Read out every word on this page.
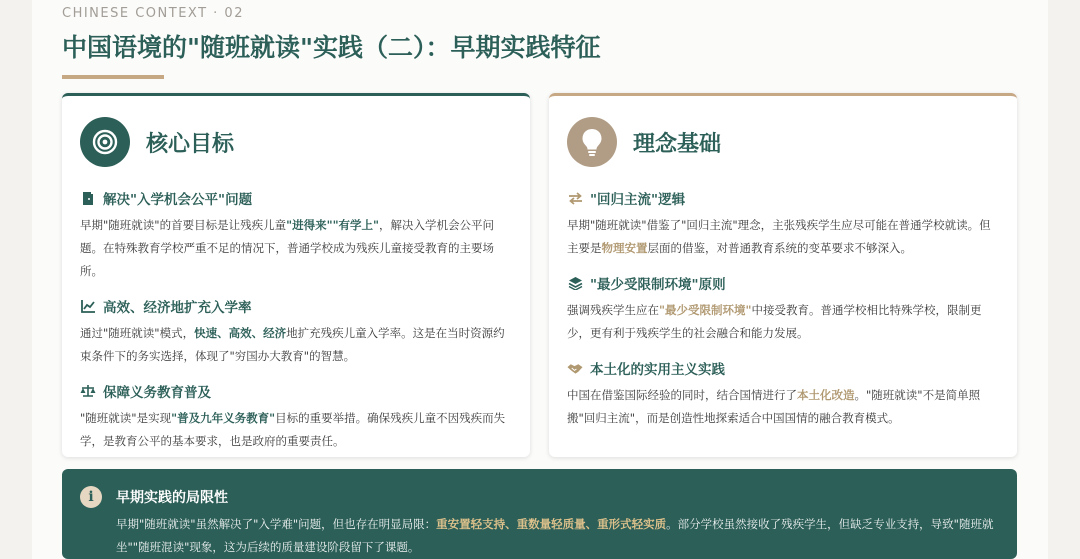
CHINESE CONTEXT · 02
中国语境的"随班就读"实践（二）：早期实践特征
核心目标
解决"入学机会公平"问题

早期"随班就读"的首要目标是让残疾儿童"进得来""有学上"，解决入学机会公平问题。在特殊教育学校严重不足的情况下，普通学校成为残疾儿童接受教育的主要场所。

高效、经济地扩充入学率

通过"随班就读"模式，快速、高效、经济地扩充残疾儿童入学率。这是在当时资源约束条件下的务实选择，体现了"穷国办大教育"的智慧。

保障义务教育普及

"随班就读"是实现"普及九年义务教育"目标的重要举措。确保残疾儿童不因残疾而失学，是教育公平的基本要求，也是政府的重要责任。

理念基础
"回归主流"逻辑

早期"随班就读"借鉴了"回归主流"理念，主张残疾学生应尽可能在普通学校就读。但主要是物理安置层面的借鉴，对普通教育系统的变革要求不够深入。

"最少受限制环境"原则

强调残疾学生应在"最少受限制环境"中接受教育。普通学校相比特殊学校，限制更少，更有利于残疾学生的社会融合和能力发展。

本土化的实用主义实践

中国在借鉴国际经验的同时，结合国情进行了本土化改造。"随班就读"不是简单照搬"回归主流"，而是创造性地探索适合中国国情的融合教育模式。

i	早期实践的局限性

早期"随班就读"虽然解决了"入学难"问题，但也存在明显局限：重安置轻支持、重数量轻质量、重形式轻实质。部分学校虽然接收了残疾学生，但缺乏专业支持，导致"随班就坐""随班混读"现象，这为后续的质量建设阶段留下了课题。
